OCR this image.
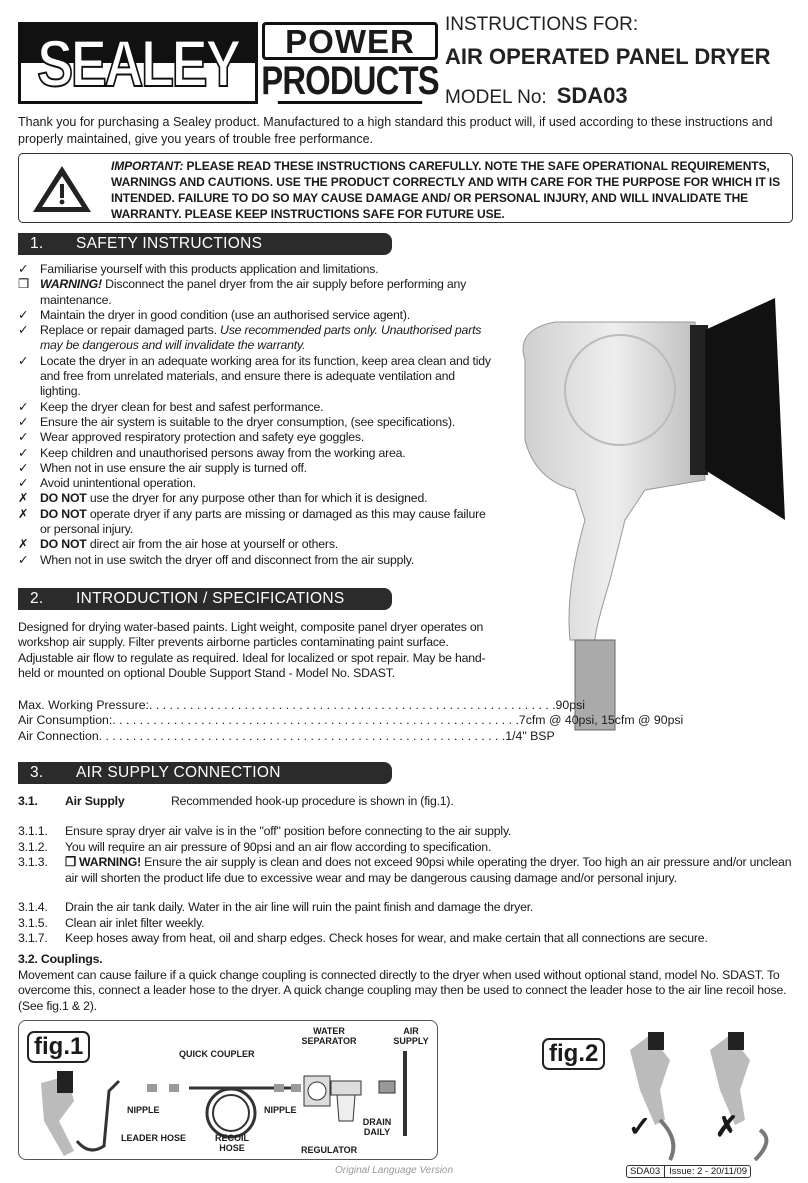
SEALEY	POWER
PRODUCTS
INSTRUCTIONS FOR:
AIR OPERATED PANEL DRYER
MODEL No: SDA03
Thank you for purchasing a Sealey product. Manufactured to a high standard this product will, if used according to these instructions and properly maintained, give you years of trouble free performance.
IMPORTANT: PLEASE READ THESE INSTRUCTIONS CAREFULLY. NOTE THE SAFE OPERATIONAL REQUIREMENTS, WARNINGS AND CAUTIONS. USE THE PRODUCT CORRECTLY AND WITH CARE FOR THE PURPOSE FOR WHICH IT IS INTENDED. FAILURE TO DO SO MAY CAUSE DAMAGE AND/ OR PERSONAL INJURY, AND WILL INVALIDATE THE WARRANTY. PLEASE KEEP INSTRUCTIONS SAFE FOR FUTURE USE.
1. SAFETY INSTRUCTIONS
✓ Familiarise yourself with this products application and limitations.
❒ WARNING! Disconnect the panel dryer from the air supply before performing any maintenance.
✓ Maintain the dryer in good condition (use an authorised service agent).
✓ Replace or repair damaged parts. Use recommended parts only. Unauthorised parts may be dangerous and will invalidate the warranty.
✓ Locate the dryer in an adequate working area for its function, keep area clean and tidy and free from unrelated materials, and ensure there is adequate ventilation and lighting.
✓ Keep the dryer clean for best and safest performance.
✓ Ensure the air system is suitable to the dryer consumption, (see specifications).
✓ Wear approved respiratory protection and safety eye goggles.
✓ Keep children and unauthorised persons away from the working area.
✓ When not in use ensure the air supply is turned off.
✓ Avoid unintentional operation.
✗ DO NOT use the dryer for any purpose other than for which it is designed.
✗ DO NOT operate dryer if any parts are missing or damaged as this may cause failure or personal injury.
✗ DO NOT direct air from the air hose at yourself or others.
✓ When not in use switch the dryer off and disconnect from the air supply.
2. INTRODUCTION / SPECIFICATIONS
Designed for drying water-based paints. Light weight, composite panel dryer operates on workshop air supply. Filter prevents airborne particles contaminating paint surface. Adjustable air flow to regulate as required. Ideal for localized or spot repair. May be hand-held or mounted on optional Double Support Stand - Model No. SDAST.
Max. Working Pressure: . . . . . . . . . . . . . . . . . . . . . . . . . . . . . . . . . . . . . . . . . . . . . . . . . . . . . . . . . . . . 90psi
Air Consumption: . . . . . . . . . . . . . . . . . . . . . . . . . . . . . . . . . . . . . . . . . . . . . . . . . . . . . . . . . . . . 7cfm @ 40psi, 15cfm @ 90psi
Air Connection . . . . . . . . . . . . . . . . . . . . . . . . . . . . . . . . . . . . . . . . . . . . . . . . . . . . . . . . . . . . 1/4" BSP
3. AIR SUPPLY CONNECTION
3.1.	Air Supply	Recommended hook-up procedure is shown in (fig.1).
3.1.1.	Ensure spray dryer air valve is in the "off" position before connecting to the air supply.
3.1.2.	You will require an air pressure of 90psi and an air flow according to specification.
3.1.3.	❒ WARNING! Ensure the air supply is clean and does not exceed 90psi while operating the dryer. Too high an air pressure and/or unclean air will shorten the product life due to excessive wear and may be dangerous causing damage and/or personal injury.
3.1.4.	Drain the air tank daily. Water in the air line will ruin the paint finish and damage the dryer.
3.1.5.	Clean air inlet filter weekly.
3.1.7.	Keep hoses away from heat, oil and sharp edges. Check hoses for wear, and make certain that all connections are secure.
3.2. Couplings.
Movement can cause failure if a quick change coupling is connected directly to the dryer when used without optional stand, model No. SDAST. To overcome this, connect a leader hose to the dryer. A quick change coupling may then be used to connect the leader hose to the air line recoil hose. (See fig.1 & 2).
fig.1	QUICK COUPLER
WATER SEPARATOR
AIR SUPPLY
NIPPLE	NIPPLE
LEADER HOSE	RECOIL HOSE	REGULATOR
DRAIN DAILY
fig.2
✓ ✗
Original Language Version	SDA03 Issue: 2 - 20/11/09
